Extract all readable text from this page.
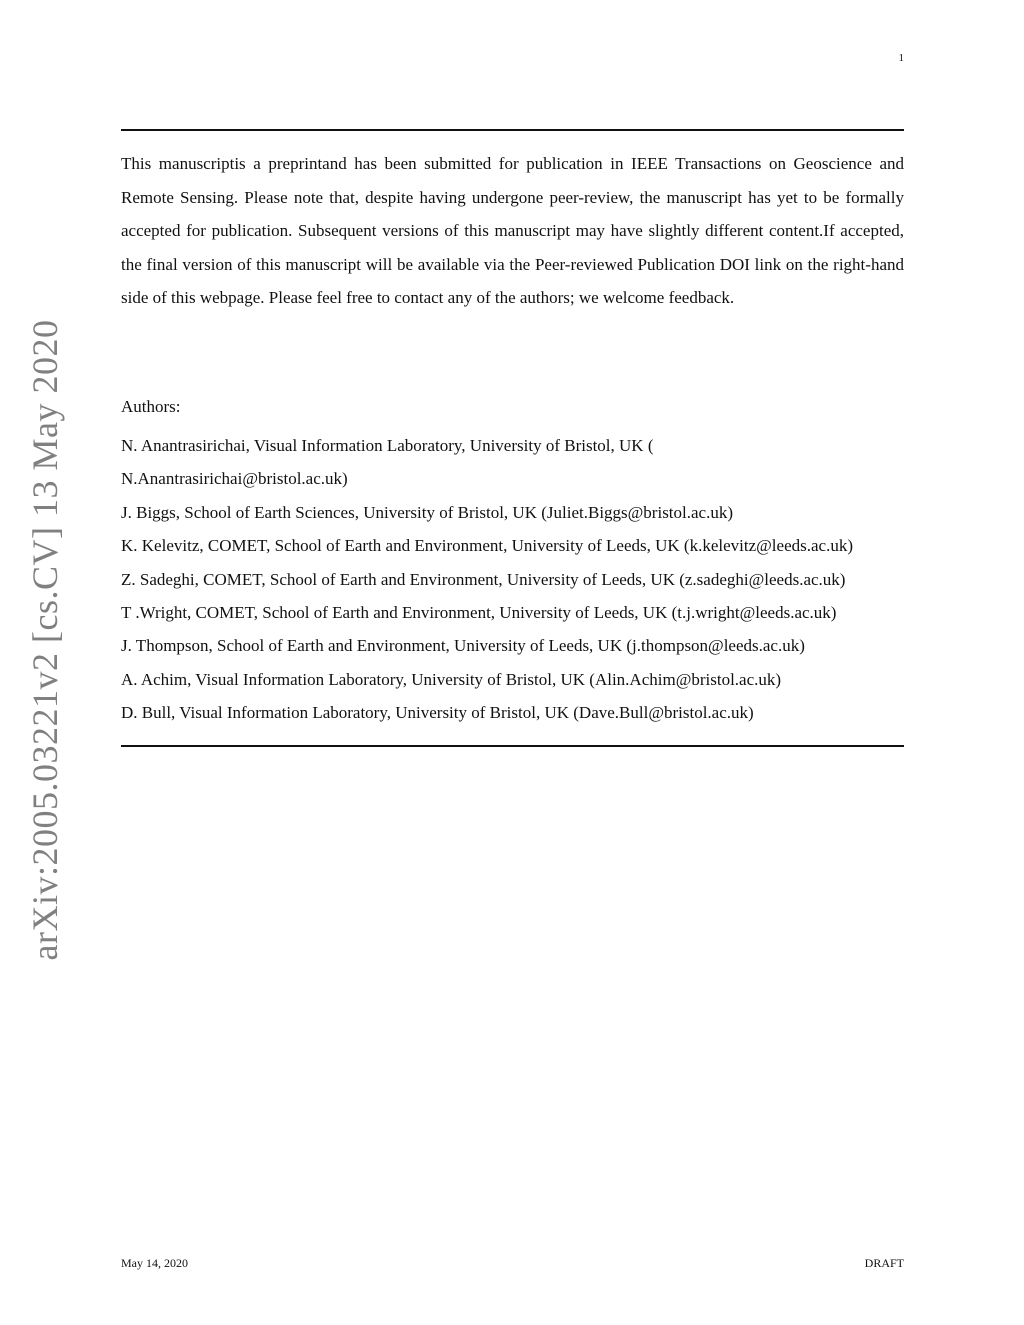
1

This manuscriptis a preprintand has been submitted for publication in IEEE Transactions on Geoscience and Remote Sensing. Please note that, despite having undergone peer-review, the manuscript has yet to be formally accepted for publication. Subsequent versions of this manuscript may have slightly different content.If accepted, the final version of this manuscript will be available via the Peer-reviewed Publication DOI link on the right-hand side of this webpage. Please feel free to contact any of the authors; we welcome feedback.

Authors:

N. Anantrasirichai, Visual Information Laboratory, University of Bristol, UK (
N.Anantrasirichai@bristol.ac.uk)
J. Biggs, School of Earth Sciences, University of Bristol, UK (Juliet.Biggs@bristol.ac.uk)
K. Kelevitz, COMET, School of Earth and Environment, University of Leeds, UK (k.kelevitz@leeds.ac.uk)
Z. Sadeghi, COMET, School of Earth and Environment, University of Leeds, UK (z.sadeghi@leeds.ac.uk)
T .Wright, COMET, School of Earth and Environment, University of Leeds, UK (t.j.wright@leeds.ac.uk)
J. Thompson, School of Earth and Environment, University of Leeds, UK (j.thompson@leeds.ac.uk)
A. Achim, Visual Information Laboratory, University of Bristol, UK (Alin.Achim@bristol.ac.uk)
D. Bull, Visual Information Laboratory, University of Bristol, UK (Dave.Bull@bristol.ac.uk)
May 14, 2020	DRAFT
arXiv:2005.03221v2 [cs.CV] 13 May 2020
